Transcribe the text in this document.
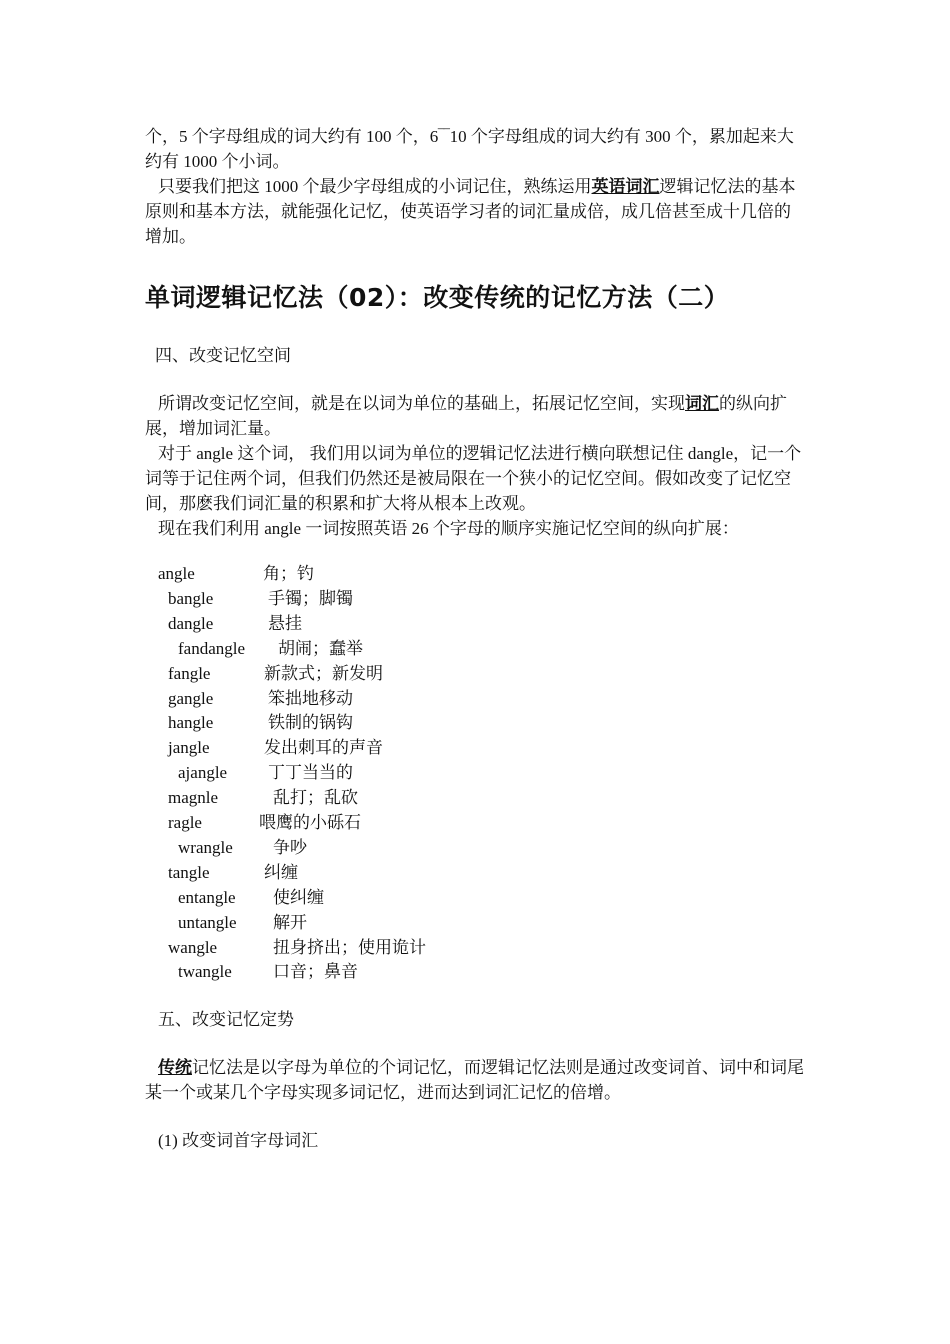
个，5 个字母组成的词大约有 100 个，6‾‾10 个字母组成的词大约有 300 个，累加起来大约有 1000 个小词。

只要我们把这 1000 个最少字母组成的小词记住，熟练运用英语词汇逻辑记忆法的基本原则和基本方法，就能强化记忆，使英语学习者的词汇量成倍，成几倍甚至成十几倍的增加。

单词逻辑记忆法（02）：改变传统的记忆方法（二）

四、改变记忆空间

所谓改变记忆空间，就是在以词为单位的基础上，拓展记忆空间，实现词汇的纵向扩展，增加词汇量。

对于 angle 这个词， 我们用以词为单位的逻辑记忆法进行横向联想记住 dangle，记一个词等于记住两个词，但我们仍然还是被局限在一个狭小的记忆空间。假如改变了记忆空间，那麽我们词汇量的积累和扩大将从根本上改观。

现在我们利用 angle 一词按照英语 26 个字母的顺序实施记忆空间的纵向扩展：

angle	角；钓
bangle	手镯；脚镯
dangle	悬挂
fandangle 胡闹；蠢举
fangle	新款式；新发明
gangle	笨拙地移动
hangle	铁制的锅钩
jangle	发出刺耳的声音
ajangle 丁丁当当的
magnle	乱打；乱砍
ragle	喂鹰的小砾石
wrangle 争吵
tangle	纠缠
entangle 使纠缠
untangle 解开
wangle	扭身挤出；使用诡计
twangle 口音；鼻音

五、改变记忆定势

传统记忆法是以字母为单位的个词记忆，而逻辑记忆法则是通过改变词首、词中和词尾某一个或某几个字母实现多词记忆，进而达到词汇记忆的倍增。

(1) 改变词首字母词汇
